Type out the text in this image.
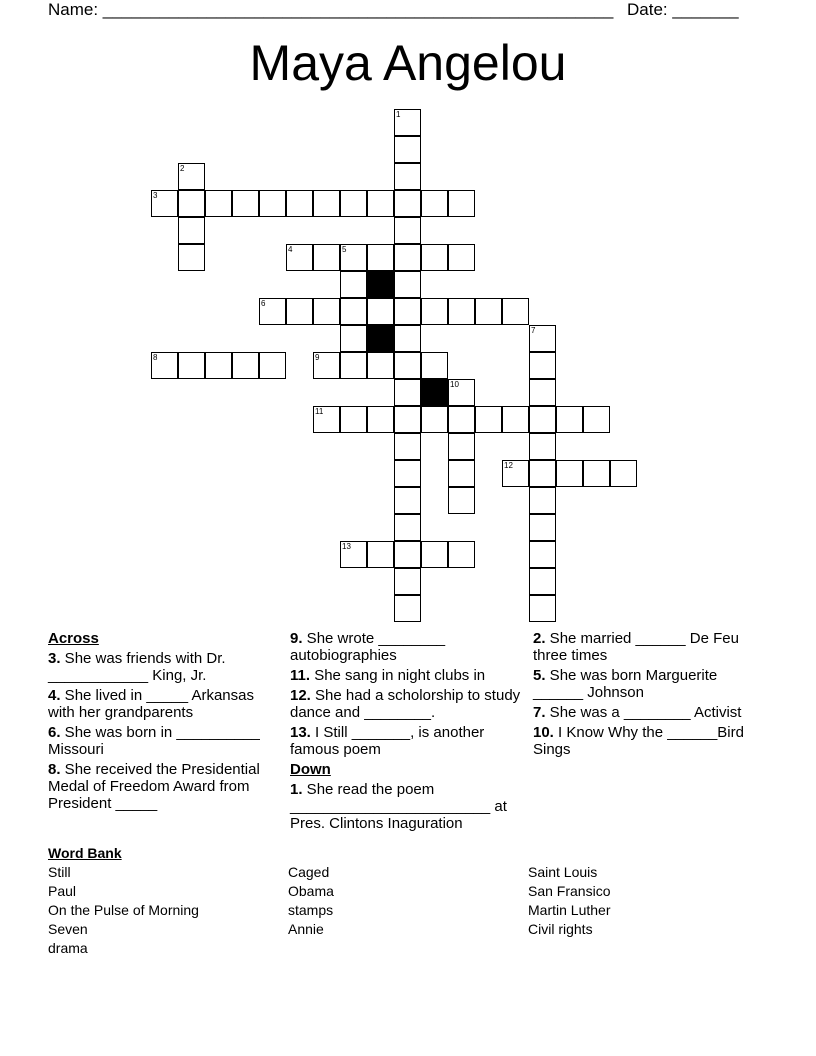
Name: ______________________________________________________ Date: _______
Maya Angelou
1
2
3
4	5
6
7
8	9
10
11
12
13
Across
3. She was friends with Dr. ____________ King, Jr.
4. She lived in _____ Arkansas with her grandparents
6. She was born in __________ Missouri
8. She received the Presidential Medal of Freedom Award from President _____
9. She wrote ________ autobiographies
11. She sang in night clubs in
12. She had a scholorship to study dance and ________.
13. I Still _______, is another famous poem
Down
1. She read the poem ________________________ at Pres. Clintons Inaguration
2. She married ______ De Feu three times
5. She was born Marguerite ______ Johnson
7. She was a ________ Activist
10. I Know Why the ______Bird Sings
Word Bank
Still
Paul
On the Pulse of Morning
Seven
drama
Caged
Obama
stamps
Annie
Saint Louis
San Fransico
Martin Luther
Civil rights
